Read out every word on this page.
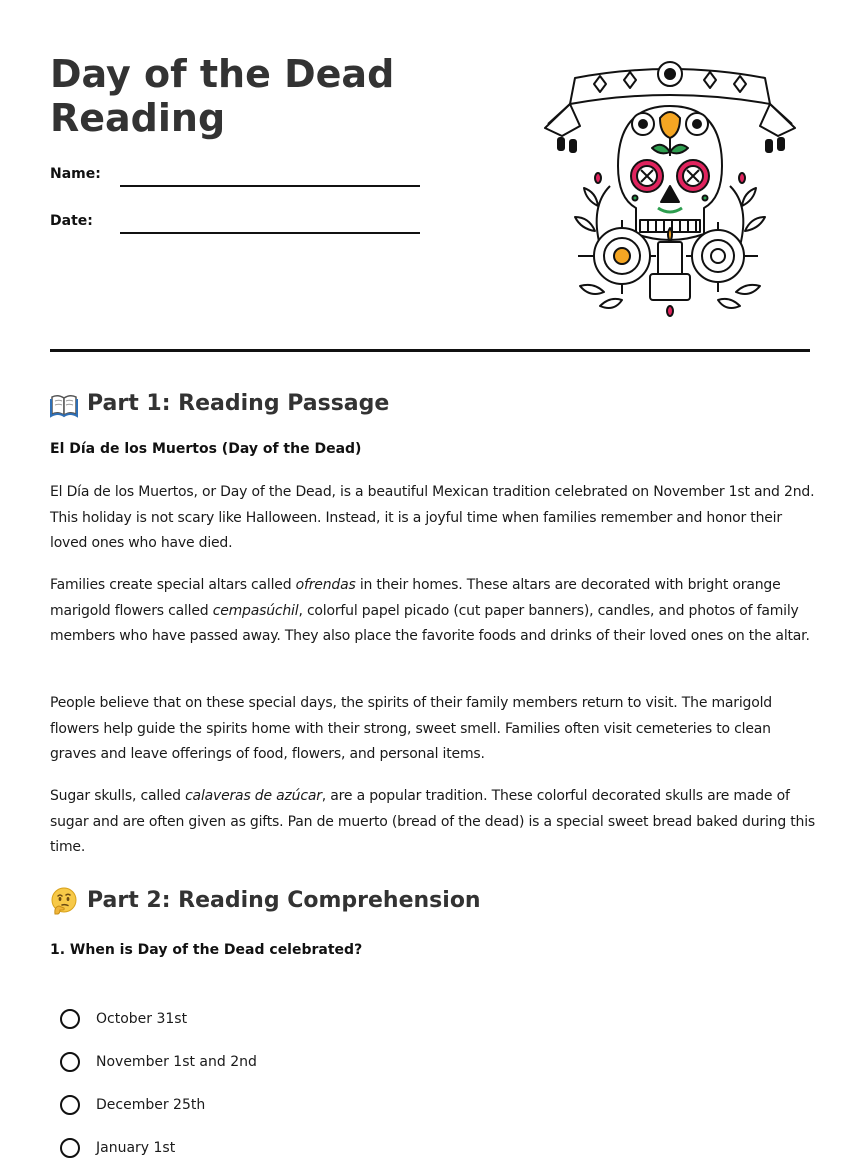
Day of the Dead
Reading
Name:
Date:
Part 1: Reading Passage
El Día de los Muertos (Day of the Dead)

El Día de los Muertos, or Day of the Dead, is a beautiful Mexican tradition celebrated on November 1st and 2nd. This holiday is not scary like Halloween. Instead, it is a joyful time when families remember and honor their loved ones who have died.

Families create special altars called ofrendas in their homes. These altars are decorated with bright orange marigold flowers called cempasúchil, colorful papel picado (cut paper banners), candles, and photos of family members who have passed away. They also place the favorite foods and drinks of their loved ones on the altar.

People believe that on these special days, the spirits of their family members return to visit. The marigold flowers help guide the spirits home with their strong, sweet smell. Families often visit cemeteries to clean graves and leave offerings of food, flowers, and personal items.

Sugar skulls, called calaveras de azúcar, are a popular tradition. These colorful decorated skulls are made of sugar and are often given as gifts. Pan de muerto (bread of the dead) is a special sweet bread baked during this time.

Part 2: Reading Comprehension
1. When is Day of the Dead celebrated?
October 31st
November 1st and 2nd
December 25th
January 1st
